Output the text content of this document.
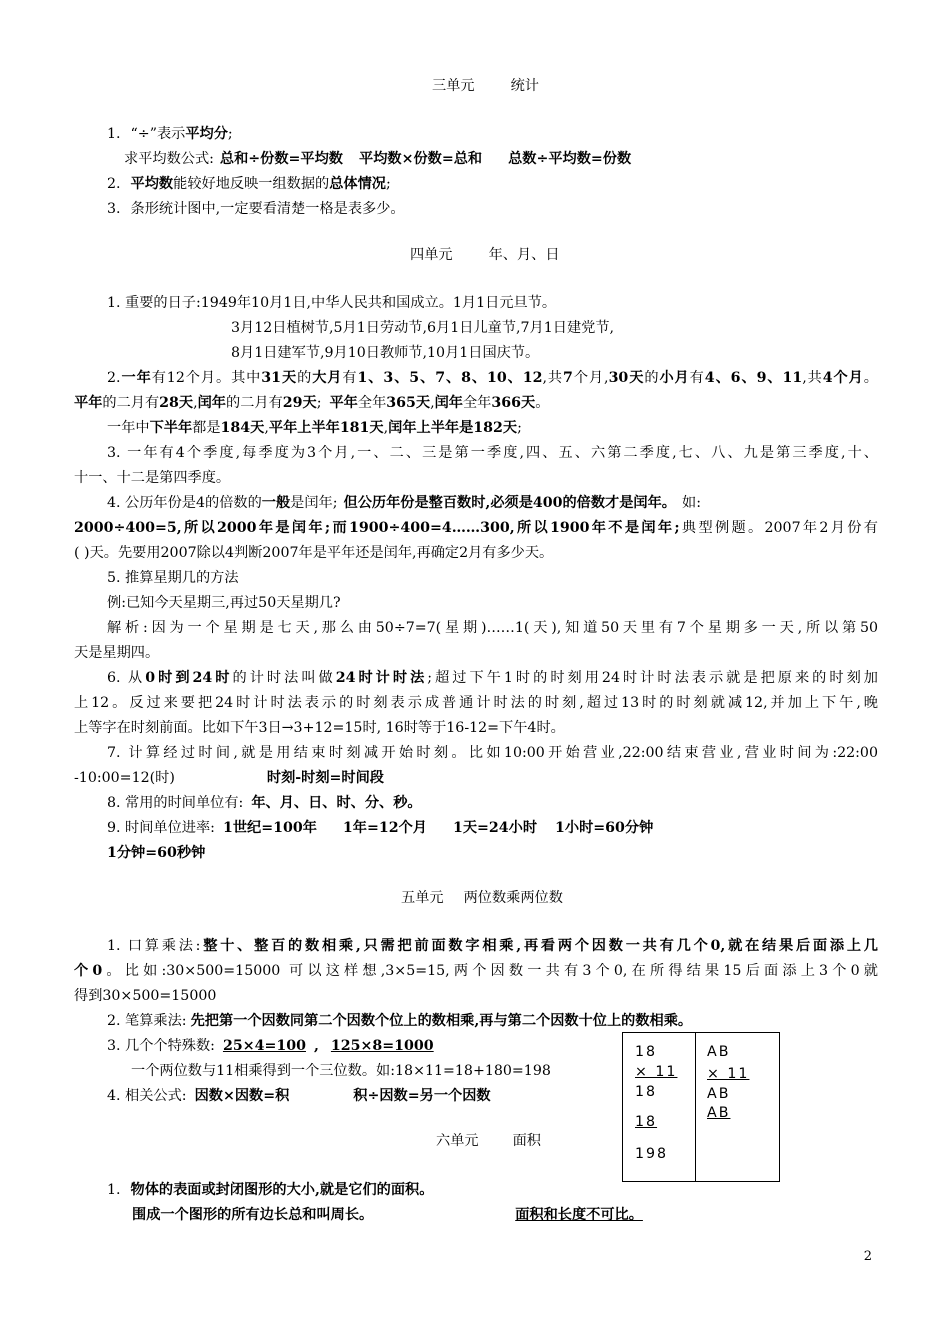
三单元	统计
1. “÷”表示平均分;
求平均数公式: 总和÷份数=平均数 平均数×份数=总和 总数÷平均数=份数
2. 平均数能较好地反映一组数据的总体情况;
3. 条形统计图中,一定要看清楚一格是表多少。
四单元	年、月、日
1. 重要的日子:1949年10月1日,中华人民共和国成立。1月1日元旦节。
3月12日植树节,5月1日劳动节,6月1日儿童节,7月1日建党节,
8月1日建军节,9月10日教师节,10月1日国庆节。
2.一年有12个月。其中31天的大月有1、3、5、7、8、10、12,共7个月,30天的小月有4、6、9、11,共4个月。
平年的二月有28天,闰年的二月有29天; 平年全年365天,闰年全年366天。
一年中下半年都是184天,平年上半年181天,闰年上半年是182天;
3. 一年有4个季度,每季度为3个月,一、二、三是第一季度,四、五、六第二季度,七、八、九是第三季度,十、
十一、十二是第四季度。
4. 公历年份是4的倍数的一般是闰年; 但公历年份是整百数时,必须是400的倍数才是闰年。 如:
2000÷400=5,所以2000年是闰年;而1900÷400=4……300,所以1900年不是闰年;典型例题。2007年2月份有
( )天。先要用2007除以4判断2007年是平年还是闰年,再确定2月有多少天。
5. 推算星期几的方法
例:已知今天星期三,再过50天星期几?
解析:因为一个星期是七天,那么由50÷7=7(星期)……1(天),知道50天里有7个星期多一天,所以第50
天是星期四。
6. 从0时到24时的计时法叫做24时计时法;超过下午1时的时刻用24时计时法表示就是把原来的时刻加
上12。反过来要把24时计时法表示的时刻表示成普通计时法的时刻,超过13时的时刻就减12,并加上下午,晚
上等字在时刻前面。比如下午3日→3+12=15时, 16时等于16-12=下午4时。
7. 计算经过时间,就是用结束时刻减开始时刻。比如10:00开始营业,22:00结束营业,营业时间为:22:00
-10:00=12(时)	时刻-时刻=时间段
8. 常用的时间单位有: 年、月、日、时、分、秒。
9. 时间单位进率: 1世纪=100年 1年=12个月 1天=24小时 1小时=60分钟
1分钟=60秒钟
五单元 两位数乘两位数
1. 口算乘法:整十、整百的数相乘,只需把前面数字相乘,再看两个因数一共有几个0,就在结果后面添上几
个0。比如:30×500=15000 可以这样想,3×5=15,两个因数一共有3个0,在所得结果15后面添上3个0就
得到30×500=15000
2. 笔算乘法: 先把第一个因数同第二个因数个位上的数相乘,再与第二个因数十位上的数相乘。
3. 几个个特殊数: 25×4=100 , 125×8=1000
一个两位数与11相乘得到一个三位数。如:18×11=18+180=198
4. 相关公式: 因数×因数=积	积÷因数=另一个因数
18
× 11
18
18
198
AB
× 11
AB
AB
六单元 面积
1. 物体的表面或封闭图形的大小,就是它们的面积。
围成一个图形的所有边长总和叫周长。	面积和长度不可比。
2
